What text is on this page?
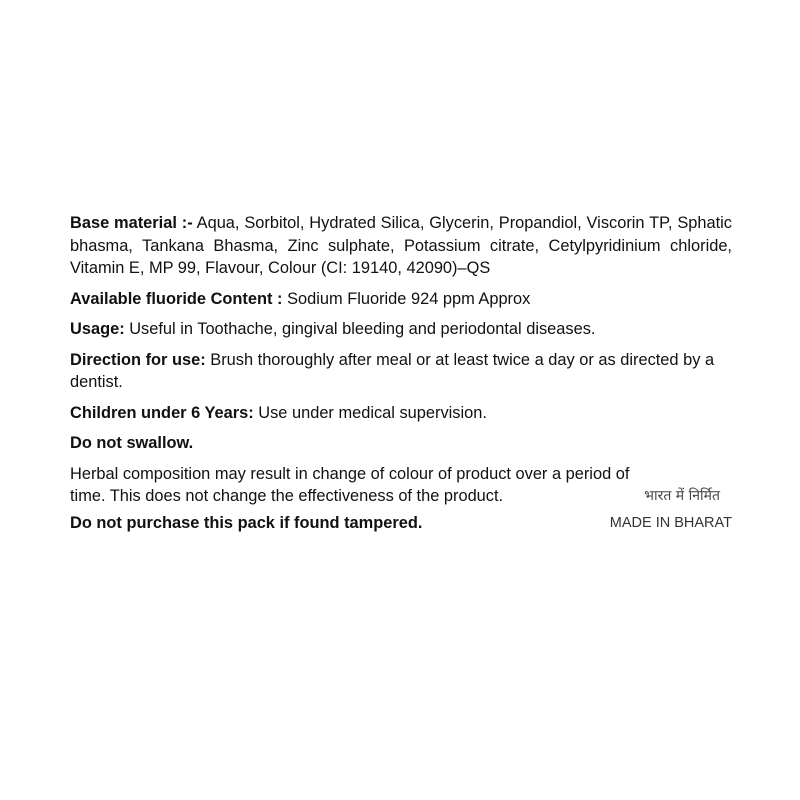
Base material :- Aqua, Sorbitol, Hydrated Silica, Glycerin, Propandiol, Viscorin TP, Sphatic bhasma, Tankana Bhasma, Zinc sulphate, Potassium citrate, Cetylpyridinium chloride, Vitamin E, MP 99, Flavour, Colour (CI: 19140, 42090)–QS

Available fluoride Content : Sodium Fluoride 924 ppm Approx

Usage: Useful in Toothache, gingival bleeding and periodontal diseases.

Direction for use: Brush thoroughly after meal or at least twice a day or as directed by a dentist.

Children under 6 Years: Use under medical supervision.

Do not swallow.

Herbal composition may result in change of colour of product over a period of
time. This does not change the effectiveness of the product.	भारत में निर्मित
Do not purchase this pack if found tampered.	MADE IN BHARAT
